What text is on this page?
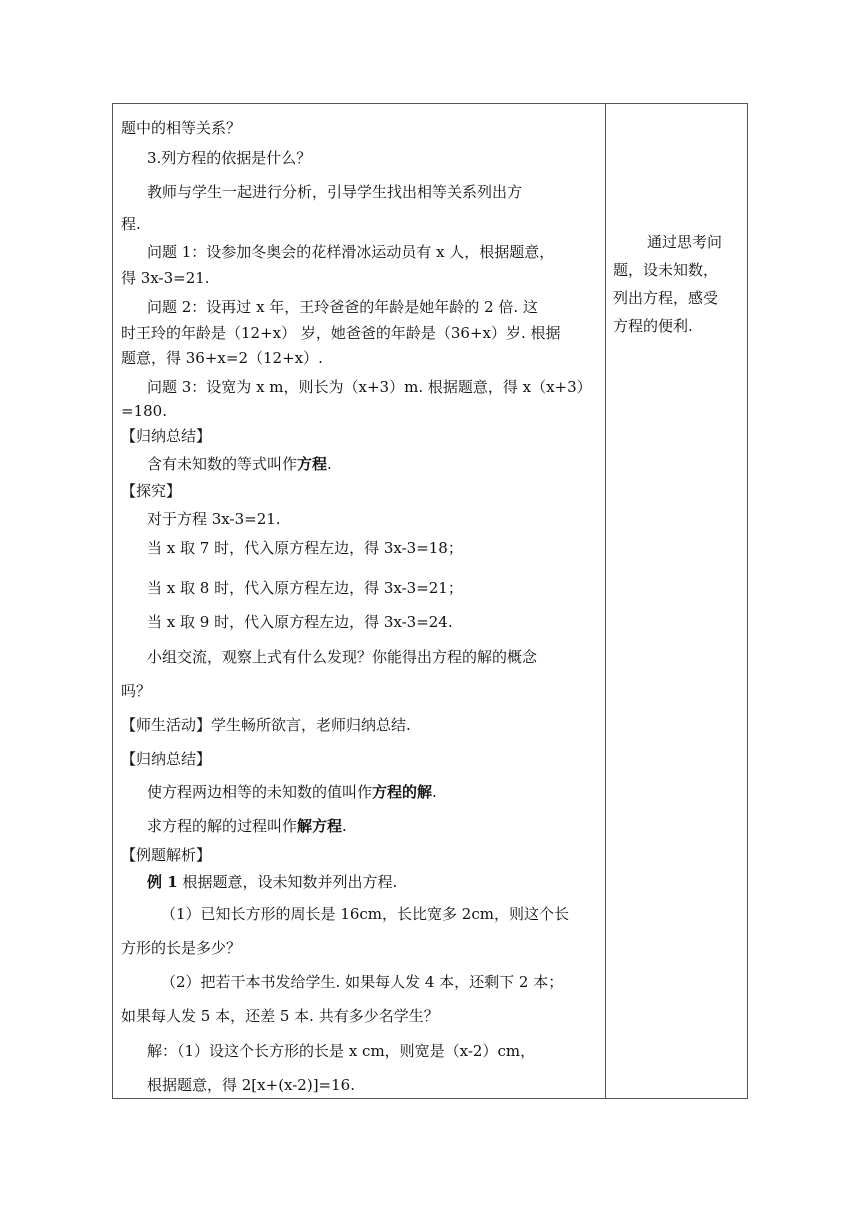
题中的相等关系？
3.列方程的依据是什么？
教师与学生一起进行分析，引导学生找出相等关系列出方
程.
问题 1：设参加冬奥会的花样滑冰运动员有 x 人，根据题意，
得 3x-3=21.
问题 2：设再过 x 年，王玲爸爸的年龄是她年龄的 2 倍. 这
时王玲的年龄是（12+x） 岁，她爸爸的年龄是（36+x）岁. 根据
题意，得 36+x=2（12+x）.
问题 3：设宽为 x m，则长为（x+3）m. 根据题意，得 x（x+3）
=180.
【归纳总结】
含有未知数的等式叫作方程.
【探究】
对于方程 3x-3=21.
当 x 取 7 时，代入原方程左边，得 3x-3=18；
当 x 取 8 时，代入原方程左边，得 3x-3=21；
当 x 取 9 时，代入原方程左边，得 3x-3=24.
小组交流，观察上式有什么发现？你能得出方程的解的概念
吗？
【师生活动】学生畅所欲言，老师归纳总结.
【归纳总结】
使方程两边相等的未知数的值叫作方程的解.
求方程的解的过程叫作解方程.
【例题解析】
例 1 根据题意，设未知数并列出方程.
（1）已知长方形的周长是 16cm，长比宽多 2cm，则这个长
方形的长是多少？
（2）把若干本书发给学生. 如果每人发 4 本，还剩下 2 本；
如果每人发 5 本，还差 5 本. 共有多少名学生？
解：（1）设这个长方形的长是 x cm，则宽是（x-2）cm，
根据题意，得 2[x+(x-2)]=16.
通过思考问
题，设未知数，
列出方程，感受
方程的便利.
